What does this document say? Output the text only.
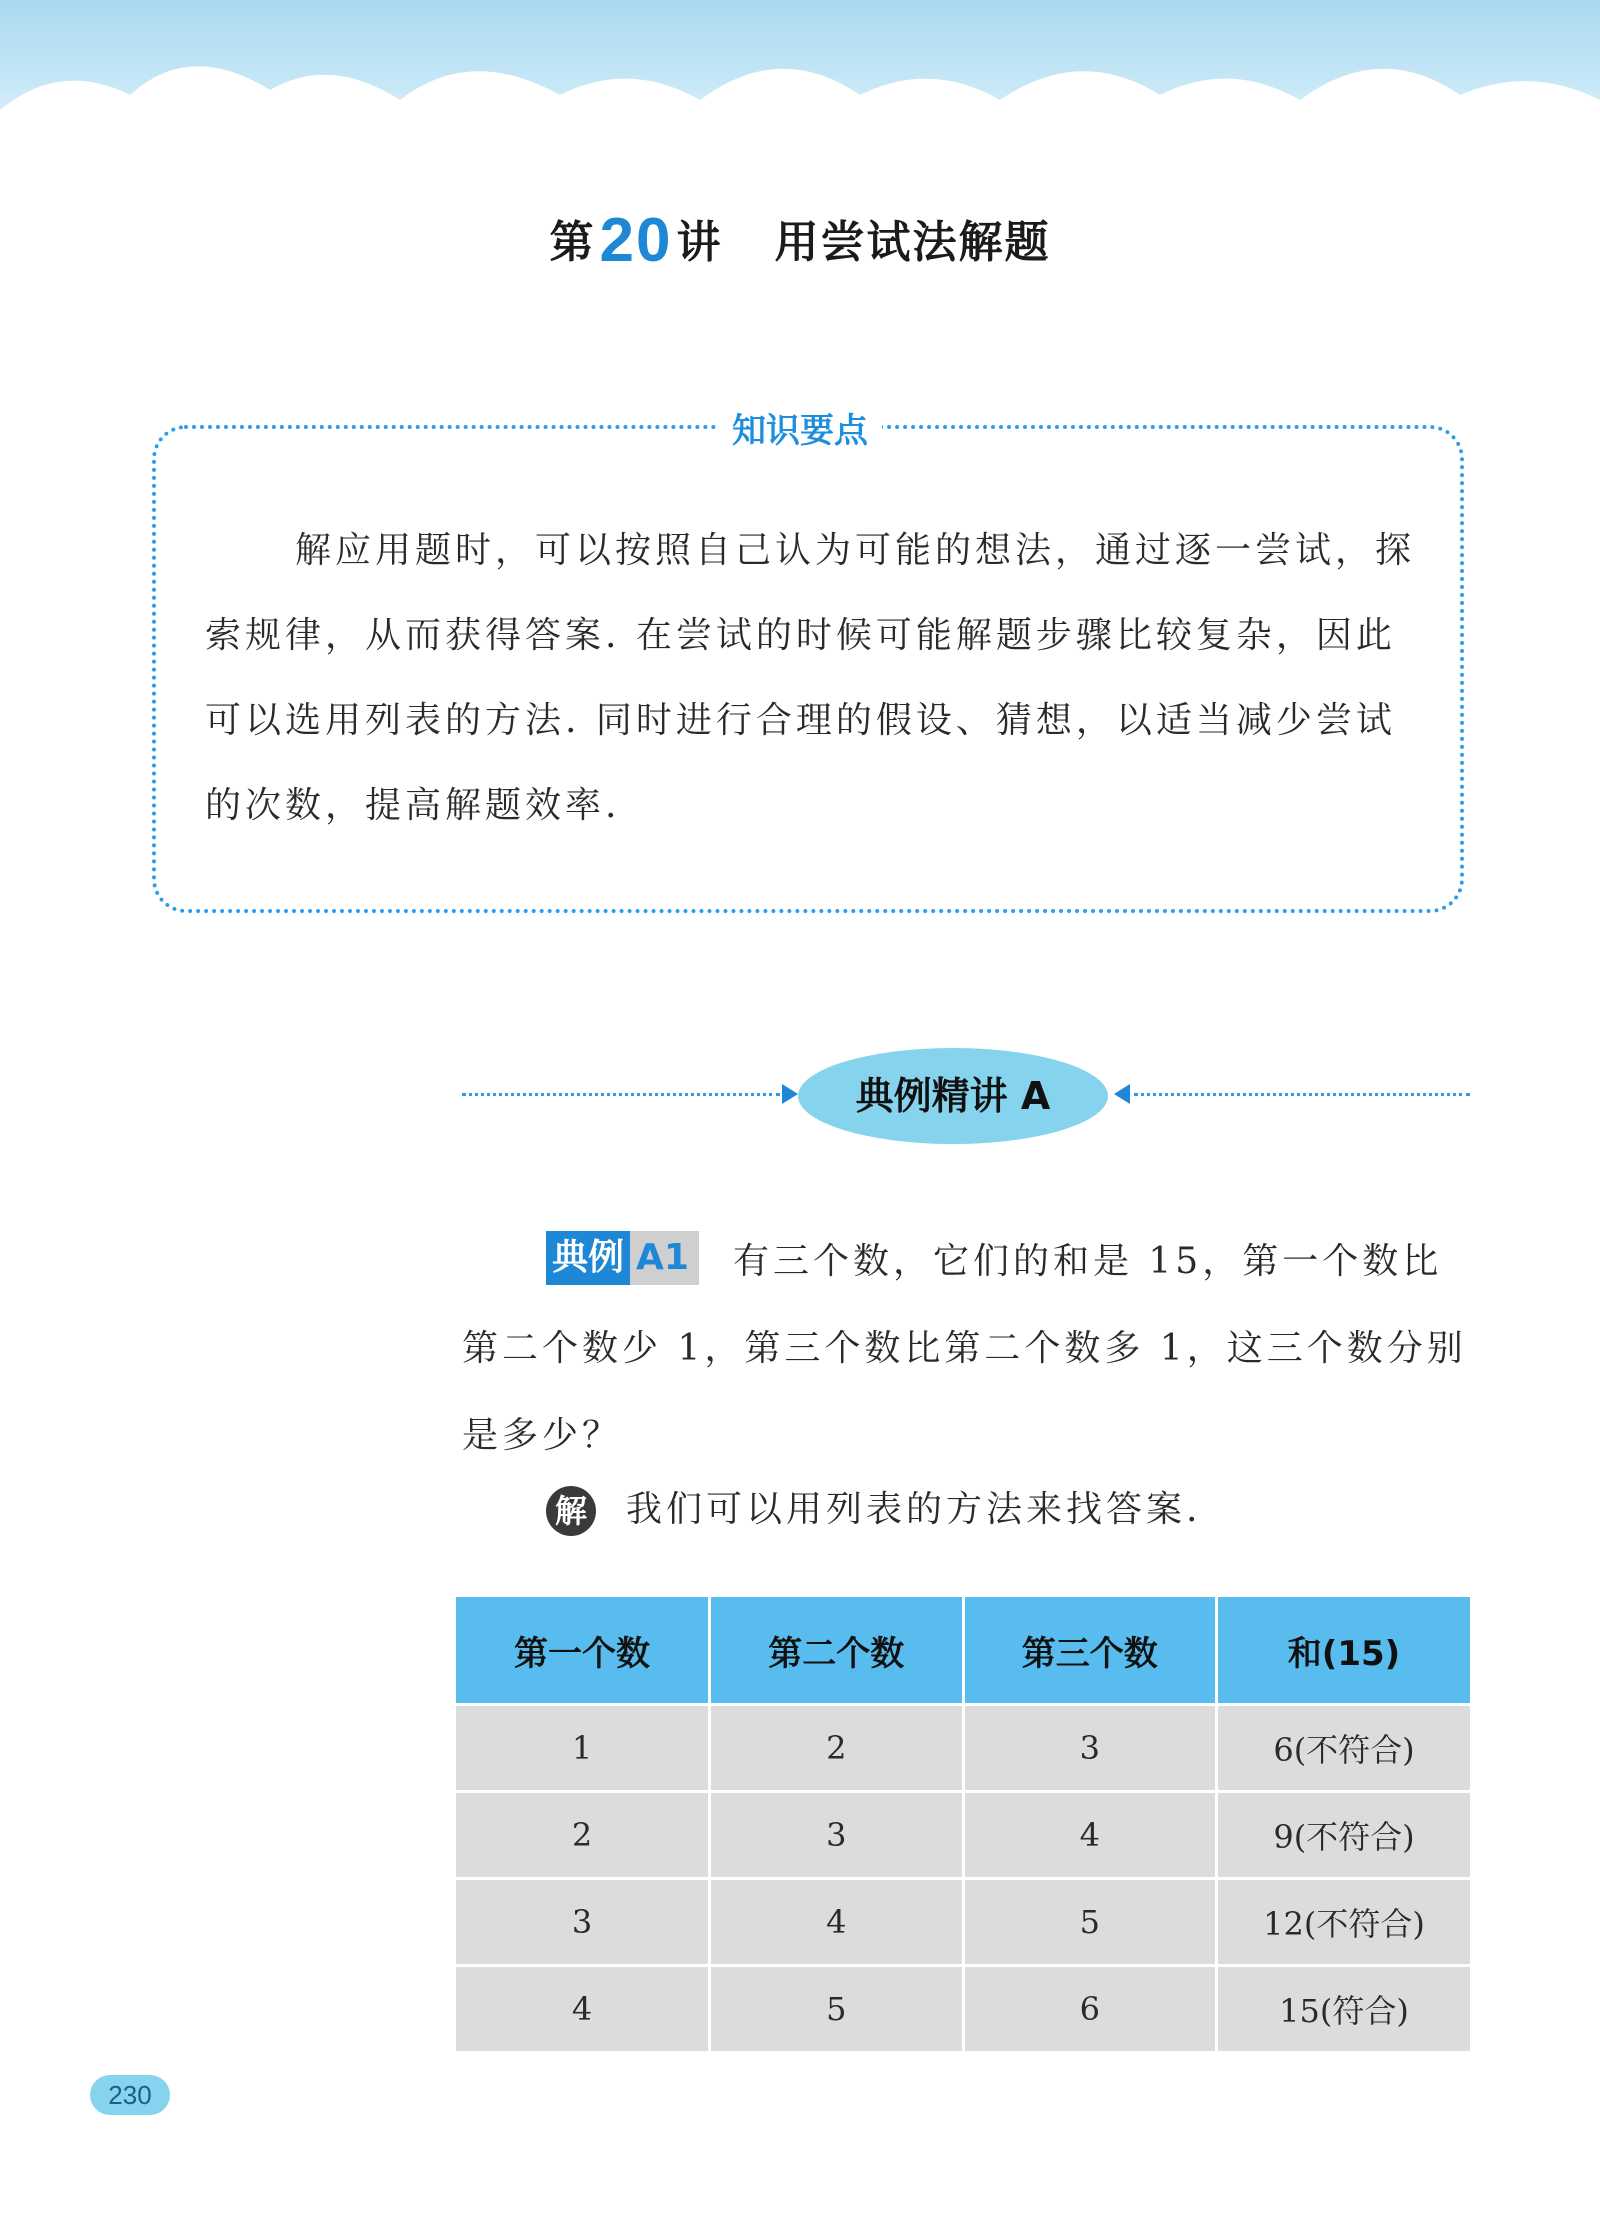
第20讲 用尝试法解题
知识要点
解应用题时，可以按照自己认为可能的想法，通过逐一尝试，探索规律，从而获得答案. 在尝试的时候可能解题步骤比较复杂，因此可以选用列表的方法. 同时进行合理的假设、猜想，以适当减少尝试的次数，提高解题效率.
典例精讲 A
典例 A1 有三个数，它们的和是 15，第一个数比第二个数少 1，第三个数比第二个数多 1，这三个数分别是多少？
解 我们可以用列表的方法来找答案.
第一个数	第二个数	第三个数	和(15)
1	2	3	6(不符合)
2	3	4	9(不符合)
3	4	5	12(不符合)
4	5	6	15(符合)
230
